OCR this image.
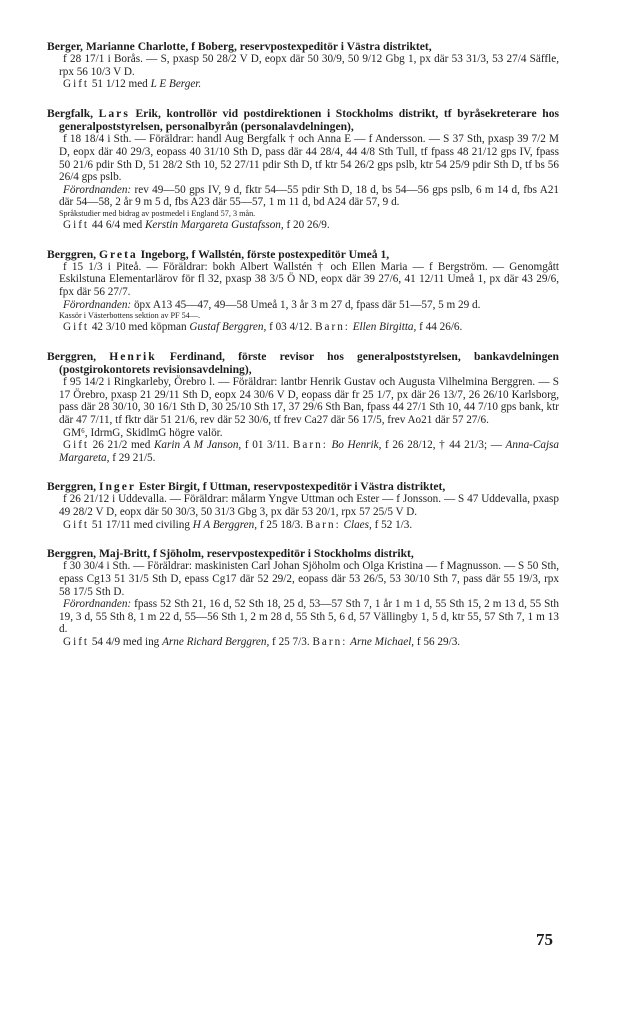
Berger, Marianne Charlotte, f Boberg, reservpostexpeditör i Västra distriktet,
f 28 17/1 i Borås. — S, pxasp 50 28/2 V D, eopx där 50 30/9, 50 9/12 Gbg 1, px där 53 31/3, 53 27/4 Säffle, rpx 56 10/3 V D.
Gift 51 1/12 med L E Berger.
Bergfalk, Lars Erik, kontrollör vid postdirektionen i Stockholms distrikt, tf byråsekreterare hos generalpoststyrelsen, personalbyrån (personalavdelningen),
f 18 18/4 i Sth. — Föräldrar: handl Aug Bergfalk † och Anna E — f Andersson. — S 37 Sth, pxasp 39 7/2 M D, eopx där 40 29/3, eopass 40 31/10 Sth D, pass där 44 28/4, 44 4/8 Sth Tull, tf fpass 48 21/12 gps IV, fpass 50 21/6 pdir Sth D, 51 28/2 Sth 10, 52 27/11 pdir Sth D, tf ktr 54 26/2 gps pslb, ktr 54 25/9 pdir Sth D, tf bs 56 26/4 gps pslb.
Förordnanden: rev 49—50 gps IV, 9 d, fktr 54—55 pdir Sth D, 18 d, bs 54—56 gps pslb, 6 m 14 d, fbs A21 där 54—58, 2 år 9 m 5 d, fbs A23 där 55—57, 1 m 11 d, bd A24 där 57, 9 d.
Språkstudier med bidrag av postmedel i England 57, 3 mån.
Gift 44 6/4 med Kerstin Margareta Gustafsson, f 20 26/9.
Berggren, Greta Ingeborg, f Wallstén, förste postexpeditör Umeå 1,
f 15 1/3 i Piteå. — Föräldrar: bokh Albert Wallstén † och Ellen Maria — f Bergström. — Genomgått Eskilstuna Elementarlärov för fl 32, pxasp 38 3/5 Ö ND, eopx där 39 27/6, 41 12/11 Umeå 1, px där 43 29/6, fpx där 56 27/7.
Förordnanden: öpx A13 45—47, 49—58 Umeå 1, 3 år 3 m 27 d, fpass där 51—57, 5 m 29 d.
Kassör i Västerbottens sektion av PF 54—.
Gift 42 3/10 med köpman Gustaf Berggren, f 03 4/12. Barn: Ellen Birgitta, f 44 26/6.
Berggren, Henrik Ferdinand, förste revisor hos generalpoststyrelsen, bankavdelningen (postgirokontorets revisionsavdelning),
f 95 14/2 i Ringkarleby, Örebro l. — Föräldrar: lantbr Henrik Gustav och Augusta Vilhelmina Berggren. — S 17 Örebro, pxasp 21 29/11 Sth D, eopx 24 30/6 V D, eopass där fr 25 1/7, px där 26 13/7, 26 26/10 Karlsborg, pass där 28 30/10, 30 16/1 Sth D, 30 25/10 Sth 17, 37 29/6 Sth Ban, fpass 44 27/1 Sth 10, 44 7/10 gps bank, ktr där 47 7/11, tf fktr där 51 21/6, rev där 52 30/6, tf frev Ca27 där 56 17/5, frev Ao21 där 57 27/6.
GM⁶, IdrmG, SkidlmG högre valör.
Gift 26 21/2 med Karin A M Janson, f 01 3/11. Barn: Bo Henrik, f 26 28/12, † 44 21/3; — Anna-Cajsa Margareta, f 29 21/5.
Berggren, Inger Ester Birgit, f Uttman, reservpostexpeditör i Västra distriktet,
f 26 21/12 i Uddevalla. — Föräldrar: målarm Yngve Uttman och Ester — f Jonsson. — S 47 Uddevalla, pxasp 49 28/2 V D, eopx där 50 30/3, 50 31/3 Gbg 3, px där 53 20/1, rpx 57 25/5 V D.
Gift 51 17/11 med civiling H A Berggren, f 25 18/3. Barn: Claes, f 52 1/3.
Berggren, Maj-Britt, f Sjöholm, reservpostexpeditör i Stockholms distrikt,
f 30 30/4 i Sth. — Föräldrar: maskinisten Carl Johan Sjöholm och Olga Kristina — f Magnusson. — S 50 Sth, epass Cg13 51 31/5 Sth D, epass Cg17 där 52 29/2, eopass där 53 26/5, 53 30/10 Sth 7, pass där 55 19/3, rpx 58 17/5 Sth D.
Förordnanden: fpass 52 Sth 21, 16 d, 52 Sth 18, 25 d, 53—57 Sth 7, 1 år 1 m 1 d, 55 Sth 15, 2 m 13 d, 55 Sth 19, 3 d, 55 Sth 8, 1 m 22 d, 55—56 Sth 1, 2 m 28 d, 55 Sth 5, 6 d, 57 Vällingby 1, 5 d, ktr 55, 57 Sth 7, 1 m 13 d.
Gift 54 4/9 med ing Arne Richard Berggren, f 25 7/3. Barn: Arne Michael, f 56 29/3.
75
